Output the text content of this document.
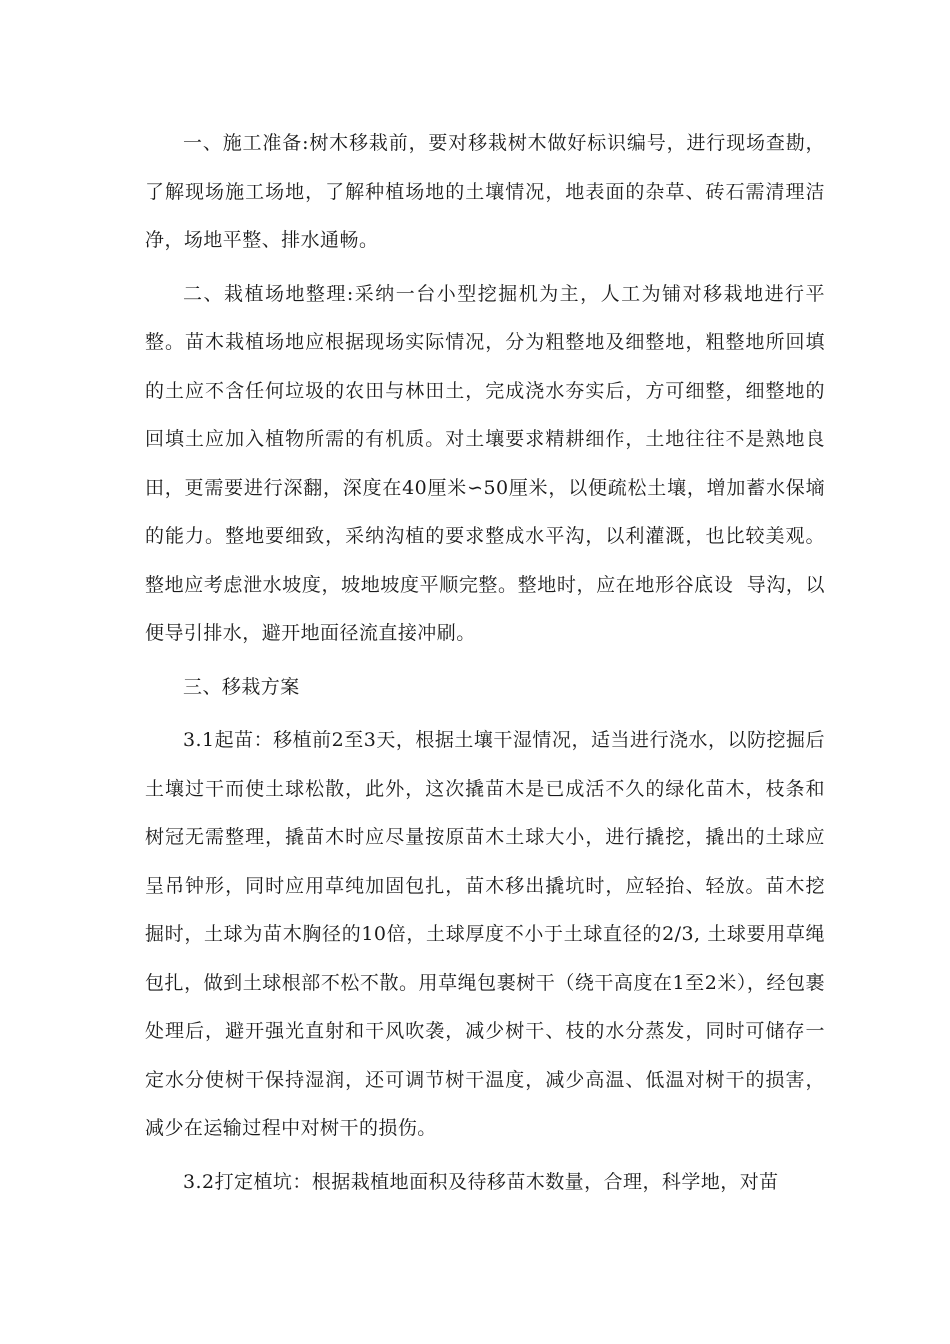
一、施工准备:树木移栽前，要对移栽树木做好标识编号，进行现场查勘，了解现场施工场地，了解种植场地的土壤情况，地表面的杂草、砖石需清理洁净，场地平整、排水通畅。

二、栽植场地整理:采纳一台小型挖掘机为主，人工为铺对移栽地进行平整。苗木栽植场地应根据现场实际情况，分为粗整地及细整地，粗整地所回填的土应不含任何垃圾的农田与林田土，完成浇水夯实后，方可细整，细整地的回填土应加入植物所需的有机质。对土壤要求精耕细作，土地往往不是熟地良田，更需要进行深翻，深度在40厘米∽50厘米，以便疏松土壤，增加蓄水保墒的能力。整地要细致，采纳沟植的要求整成水平沟，以利灌溉，也比较美观。整地应考虑泄水坡度，坡地坡度平顺完整。整地时，应在地形谷底设  导沟，以便导引排水，避开地面径流直接冲刷。

三、移栽方案

3.1起苗：移植前2至3天，根据土壤干湿情况，适当进行浇水，以防挖掘后土壤过干而使土球松散，此外，这次撬苗木是已成活不久的绿化苗木，枝条和树冠无需整理，撬苗木时应尽量按原苗木土球大小，进行撬挖，撬出的土球应呈吊钟形，同时应用草纯加固包扎，苗木移出撬坑时，应轻抬、轻放。苗木挖掘时，土球为苗木胸径的10倍，土球厚度不小于土球直径的2/3, 土球要用草绳包扎，做到土球根部不松不散。用草绳包裹树干（绕干高度在1至2米），经包裹处理后，避开强光直射和干风吹袭，减少树干、枝的水分蒸发，同时可储存一定水分使树干保持湿润，还可调节树干温度，减少高温、低温对树干的损害，减少在运输过程中对树干的损伤。

3.2打定植坑：根据栽植地面积及待移苗木数量，合理，科学地，对苗
